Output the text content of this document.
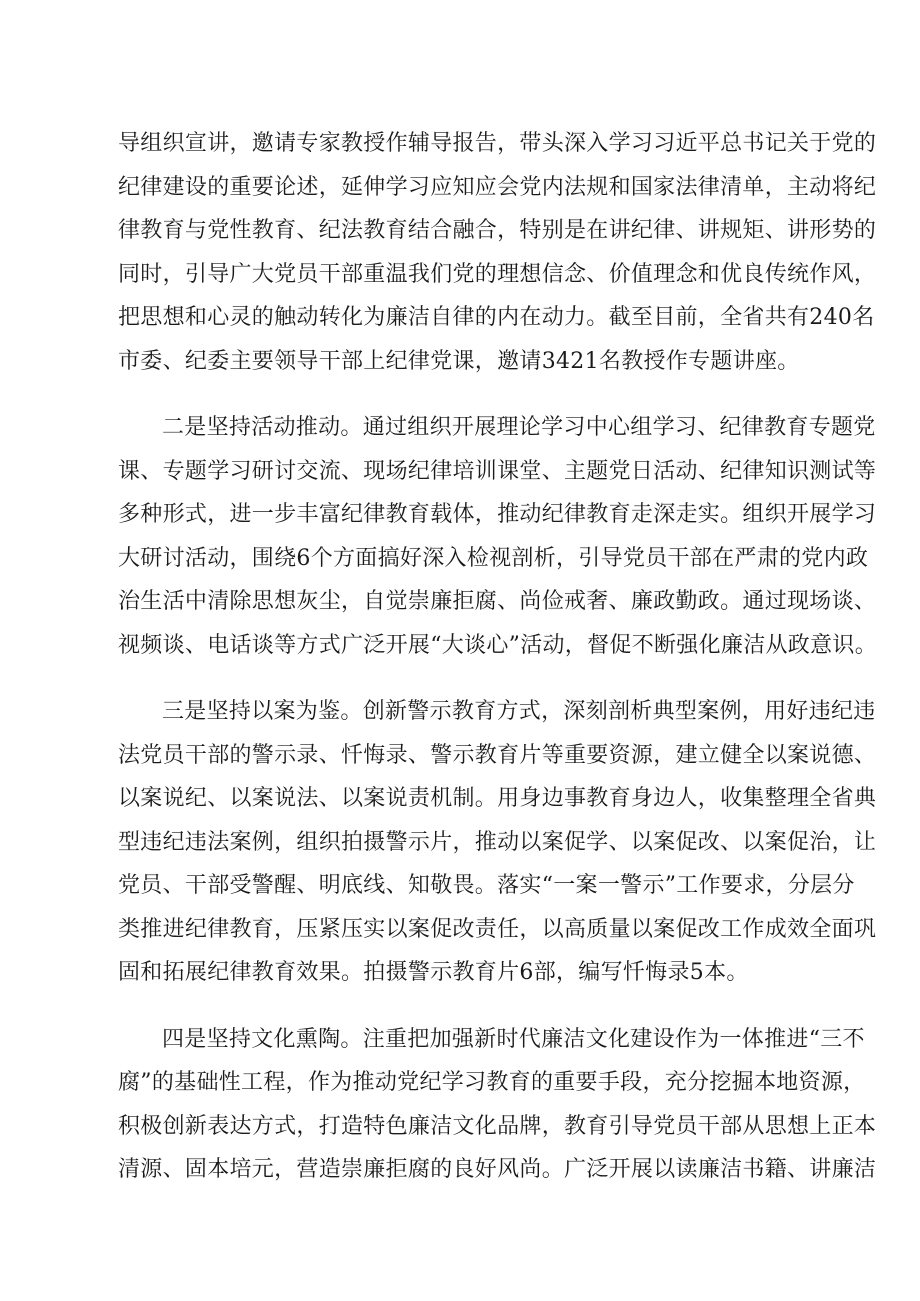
导组织宣讲，邀请专家教授作辅导报告，带头深入学习习近平总书记关于党的
纪律建设的重要论述，延伸学习应知应会党内法规和国家法律清单，主动将纪
律教育与党性教育、纪法教育结合融合，特别是在讲纪律、讲规矩、讲形势的
同时，引导广大党员干部重温我们党的理想信念、价值理念和优良传统作风，
把思想和心灵的触动转化为廉洁自律的内在动力。截至目前，全省共有240名
市委、纪委主要领导干部上纪律党课，邀请3421名教授作专题讲座。

二是坚持活动推动。通过组织开展理论学习中心组学习、纪律教育专题党
课、专题学习研讨交流、现场纪律培训课堂、主题党日活动、纪律知识测试等
多种形式，进一步丰富纪律教育载体，推动纪律教育走深走实。组织开展学习
大研讨活动，围绕6个方面搞好深入检视剖析，引导党员干部在严肃的党内政
治生活中清除思想灰尘，自觉崇廉拒腐、尚俭戒奢、廉政勤政。通过现场谈、
视频谈、电话谈等方式广泛开展“大谈心”活动，督促不断强化廉洁从政意识。

三是坚持以案为鉴。创新警示教育方式，深刻剖析典型案例，用好违纪违
法党员干部的警示录、忏悔录、警示教育片等重要资源，建立健全以案说德、
以案说纪、以案说法、以案说责机制。用身边事教育身边人，收集整理全省典
型违纪违法案例，组织拍摄警示片，推动以案促学、以案促改、以案促治，让
党员、干部受警醒、明底线、知敬畏。落实“一案一警示”工作要求，分层分
类推进纪律教育，压紧压实以案促改责任，以高质量以案促改工作成效全面巩
固和拓展纪律教育效果。拍摄警示教育片6部，编写忏悔录5本。

四是坚持文化熏陶。注重把加强新时代廉洁文化建设作为一体推进“三不
腐”的基础性工程，作为推动党纪学习教育的重要手段，充分挖掘本地资源，
积极创新表达方式，打造特色廉洁文化品牌，教育引导党员干部从思想上正本
清源、固本培元，营造崇廉拒腐的良好风尚。广泛开展以读廉洁书籍、讲廉洁
